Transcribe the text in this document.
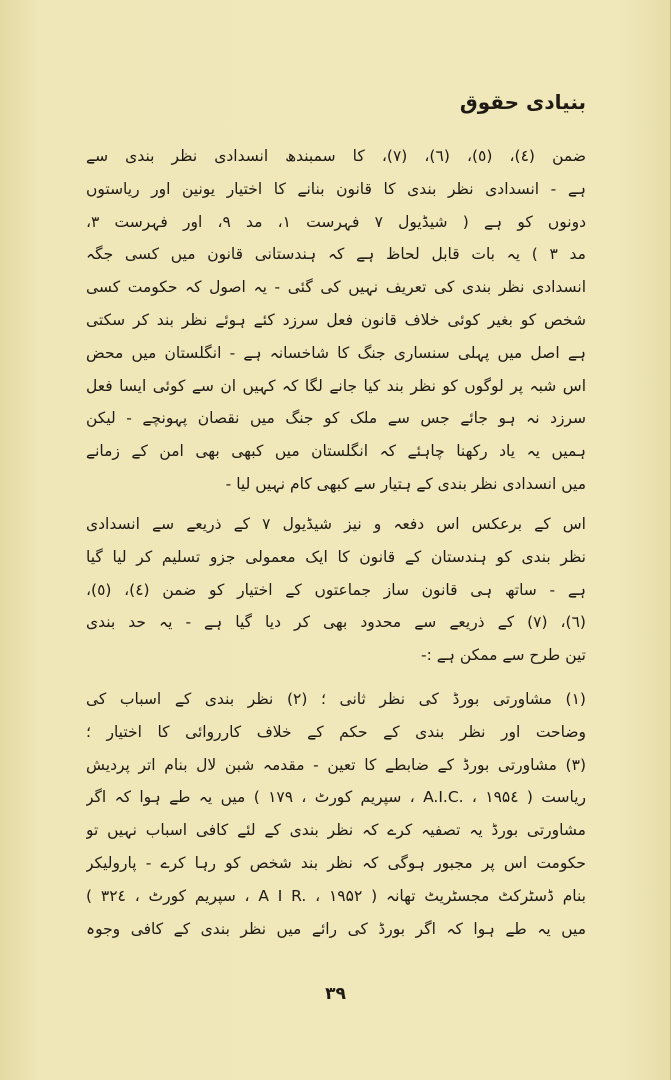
بنیادی حقوق
ضمن (٤)، (٥)، (٦)، (٧)، کا سمبندھ انسدادی نظر بندی سے
ہے - انسدادی نظر بندی کا قانون بنانے کا اختیار یونین اور ریاستوں
دونوں کو ہے ( شیڈیول ۷ فہرست ۱، مد ۹، اور فہرست ۳،
مد ۳ ) یہ بات قابل لحاظ ہے کہ ہندستانی قانون میں کسی جگہ
انسدادی نظر بندی کی تعریف نہیں کی گئی - یہ اصول کہ حکومت کسی
شخص کو بغیر کوئی خلاف قانون فعل سرزد کئے ہوئے نظر بند کر سکتی
ہے اصل میں پہلی سنساری جنگ کا شاخسانہ ہے - انگلستان میں محض
اس شبہ پر لوگوں کو نظر بند کیا جانے لگا کہ کہیں ان سے کوئی ایسا فعل
سرزد نہ ہو جائے جس سے ملک کو جنگ میں نقصان پہونچے - لیکن
ہمیں یہ یاد رکھنا چاہئے کہ انگلستان میں کبھی بھی امن کے زمانے
میں انسدادی نظر بندی کے ہتیار سے کبھی کام نہیں لیا -
اس کے برعکس اس دفعہ و نیز شیڈیول ۷ کے ذریعے سے انسدادی
نظر بندی کو ہندستان کے قانون کا ایک معمولی جزو تسلیم کر لیا گیا
ہے - ساتھ ہی قانون ساز جماعتوں کے اختیار کو ضمن (٤)، (٥)،
(٦)، (٧) کے ذریعے سے محدود بھی کر دیا گیا ہے - یہ حد بندی
تین طرح سے ممکن ہے :-
(۱) مشاورتی بورڈ کی نظر ثانی ؛ (۲) نظر بندی کے اسباب کی
وضاحت اور نظر بندی کے حکم کے خلاف کارروائی کا اختیار ؛
(۳) مشاورتی بورڈ کے ضابطے کا تعین - مقدمہ شبن لال بنام اتر پردیش
ریاست ( A.I.C. ، ۱۹۵٤ ، سپریم کورٹ ، ۱۷۹ ) میں یہ طے ہوا کہ اگر
مشاورتی بورڈ یہ تصفیہ کرے کہ نظر بندی کے لئے کافی اسباب نہیں تو
حکومت اس پر مجبور ہوگی کہ نظر بند شخص کو رہا کرے - پارولیکر
بنام ڈسٹرکٹ مجسٹریٹ تھانہ ( A I R. ، ۱۹۵۲ ، سپریم کورٹ ، ۳۲٤ )
میں یہ طے ہوا کہ اگر بورڈ کی رائے میں نظر بندی کے کافی وجوہ
۳۹
